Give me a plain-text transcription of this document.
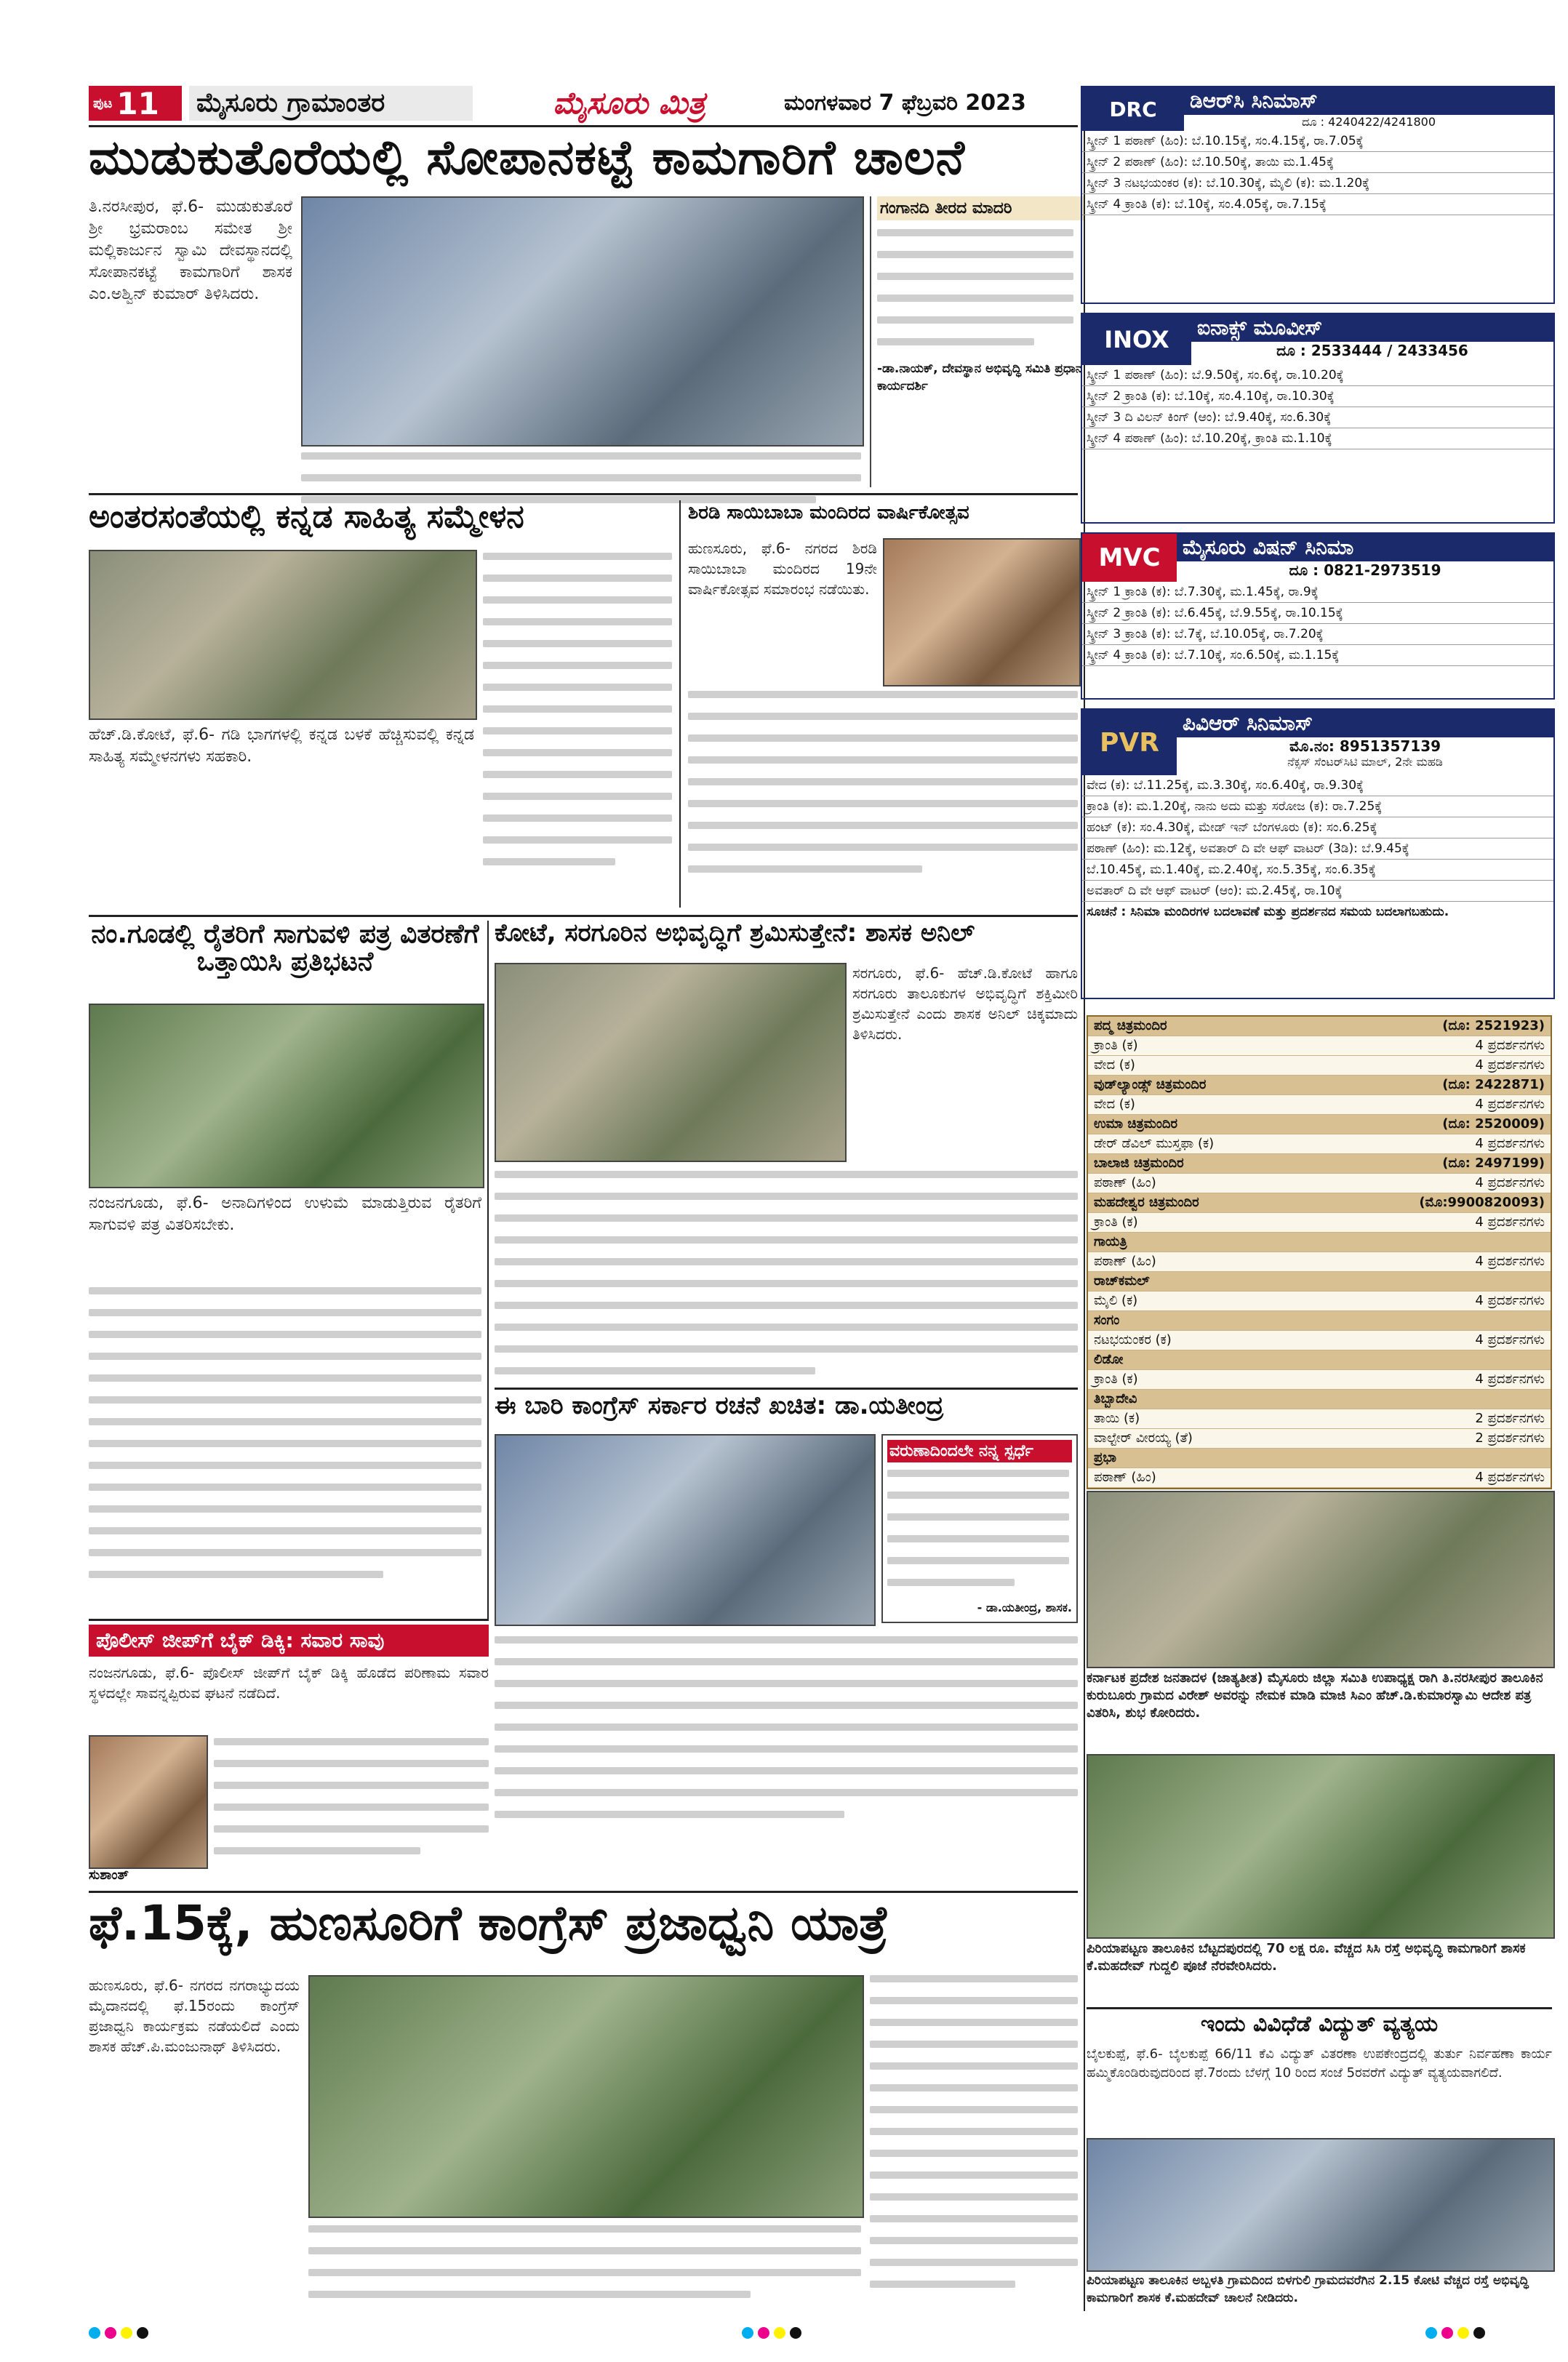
ಪುಟ 11 ಮೈಸೂರು ಗ್ರಾಮಾಂತರ	ಮೈಸೂರು ಮಿತ್ರ	ಮಂಗಳವಾರ 7 ಫೆಬ್ರವರಿ 2023
ಮುಡುಕುತೊರೆಯಲ್ಲಿ ಸೋಪಾನಕಟ್ಟೆ ಕಾಮಗಾರಿಗೆ ಚಾಲನೆ
ತಿ.ನರಸೀಪುರ, ಫೆ.6- ಮುಡುಕುತೊರೆ ಶ್ರೀ ಭ್ರಮರಾಂಬ ಸಮೇತ ಶ್ರೀ ಮಲ್ಲಿಕಾರ್ಜುನ ಸ್ವಾಮಿ ದೇವಸ್ಥಾನದಲ್ಲಿ ಸೋಪಾನಕಟ್ಟೆ ಕಾಮಗಾರಿಗೆ ಶಾಸಕ ಎಂ.ಅಶ್ವಿನ್ ಕುಮಾರ್ ತಿಳಿಸಿದರು.
ಗಂಗಾನದಿ ತೀರದ ಮಾದರಿ
-ಡಾ.ನಾಯಕ್, ದೇವಸ್ಥಾನ ಅಭಿವೃದ್ಧಿ ಸಮಿತಿ ಪ್ರಧಾನ ಕಾರ್ಯದರ್ಶಿ
ಅಂತರಸಂತೆಯಲ್ಲಿ ಕನ್ನಡ ಸಾಹಿತ್ಯ ಸಮ್ಮೇಳನ
ಹೆಚ್.ಡಿ.ಕೋಟೆ, ಫೆ.6- ಗಡಿ ಭಾಗಗಳಲ್ಲಿ ಕನ್ನಡ ಬಳಕೆ ಹೆಚ್ಚಿಸುವಲ್ಲಿ ಕನ್ನಡ ಸಾಹಿತ್ಯ ಸಮ್ಮೇಳನಗಳು ಸಹಕಾರಿ.
ಶಿರಡಿ ಸಾಯಿಬಾಬಾ ಮಂದಿರದ ವಾರ್ಷಿಕೋತ್ಸವ
ಹುಣಸೂರು, ಫೆ.6- ನಗರದ ಶಿರಡಿ ಸಾಯಿಬಾಬಾ ಮಂದಿರದ 19ನೇ ವಾರ್ಷಿಕೋತ್ಸವ ಸಮಾರಂಭ ನಡೆಯಿತು.
ನಂ.ಗೂಡಲ್ಲಿ ರೈತರಿಗೆ ಸಾಗುವಳಿ ಪತ್ರ ವಿತರಣೆಗೆ ಒತ್ತಾಯಿಸಿ ಪ್ರತಿಭಟನೆ
ನಂಜನಗೂಡು, ಫೆ.6- ಅನಾದಿಗಳಿಂದ ಉಳುಮೆ ಮಾಡುತ್ತಿರುವ ರೈತರಿಗೆ ಸಾಗುವಳಿ ಪತ್ರ ವಿತರಿಸಬೇಕು.
ಕೋಟೆ, ಸರಗೂರಿನ ಅಭಿವೃದ್ಧಿಗೆ ಶ್ರಮಿಸುತ್ತೇನೆ: ಶಾಸಕ ಅನಿಲ್
ಸರಗೂರು, ಫೆ.6- ಹೆಚ್.ಡಿ.ಕೋಟೆ ಹಾಗೂ ಸರಗೂರು ತಾಲೂಕುಗಳ ಅಭಿವೃದ್ಧಿಗೆ ಶಕ್ತಿಮೀರಿ ಶ್ರಮಿಸುತ್ತೇನೆ ಎಂದು ಶಾಸಕ ಅನಿಲ್ ಚಿಕ್ಕಮಾದು ತಿಳಿಸಿದರು.
ಈ ಬಾರಿ ಕಾಂಗ್ರೆಸ್ ಸರ್ಕಾರ ರಚನೆ ಖಚಿತ: ಡಾ.ಯತೀಂದ್ರ
ವರುಣಾದಿಂದಲೇ ನನ್ನ ಸ್ಪರ್ಧೆ
- ಡಾ.ಯತೀಂದ್ರ, ಶಾಸಕ.
ಪೊಲೀಸ್ ಜೀಪ್‌ಗೆ ಬೈಕ್ ಡಿಕ್ಕಿ: ಸವಾರ ಸಾವು
ನಂಜನಗೂಡು, ಫೆ.6- ಪೊಲೀಸ್ ಜೀಪ್‌ಗೆ ಬೈಕ್ ಡಿಕ್ಕಿ ಹೊಡೆದ ಪರಿಣಾಮ ಸವಾರ ಸ್ಥಳದಲ್ಲೇ ಸಾವನ್ನಪ್ಪಿರುವ ಘಟನೆ ನಡೆದಿದೆ.
ಸುಶಾಂತ್
ಫೆ.15ಕ್ಕೆ, ಹುಣಸೂರಿಗೆ ಕಾಂಗ್ರೆಸ್ ಪ್ರಜಾಧ್ವನಿ ಯಾತ್ರೆ
ಹುಣಸೂರು, ಫೆ.6- ನಗರದ ನಗರಾಭ್ಯುದಯ ಮೈದಾನದಲ್ಲಿ ಫೆ.15ರಂದು ಕಾಂಗ್ರೆಸ್ ಪ್ರಜಾಧ್ವನಿ ಕಾರ್ಯಕ್ರಮ ನಡೆಯಲಿದೆ ಎಂದು ಶಾಸಕ ಹೆಚ್.ಪಿ.ಮಂಜುನಾಥ್ ತಿಳಿಸಿದರು.
DRC	ಡಿಆರ್‌ಸಿ ಸಿನಿಮಾಸ್
ದೂ : 4240422/4241800
ಸ್ಕ್ರೀನ್ 1 ಪಠಾಣ್ (ಹಿಂ): ಬೆ.10.15ಕ್ಕೆ, ಸಂ.4.15ಕ್ಕೆ, ರಾ.7.05ಕ್ಕೆ
ಸ್ಕ್ರೀನ್ 2 ಪಠಾಣ್ (ಹಿಂ): ಬೆ.10.50ಕ್ಕೆ, ತಾಯಿ ಮ.1.45ಕ್ಕೆ
ಸ್ಕ್ರೀನ್ 3 ನಟಭಯಂಕರ (ಕ): ಬೆ.10.30ಕ್ಕೆ, ಮೈಲಿ (ಕ): ಮ.1.20ಕ್ಕೆ
ಸ್ಕ್ರೀನ್ 4 ಕ್ರಾಂತಿ (ಕ): ಬೆ.10ಕ್ಕೆ, ಸಂ.4.05ಕ್ಕೆ, ರಾ.7.15ಕ್ಕೆ
INOX	ಐನಾಕ್ಸ್ ಮೂವೀಸ್
ದೂ : 2533444 / 2433456
ಸ್ಕ್ರೀನ್ 1 ಪಠಾಣ್ (ಹಿಂ): ಬೆ.9.50ಕ್ಕೆ, ಸಂ.6ಕ್ಕೆ, ರಾ.10.20ಕ್ಕೆ
ಸ್ಕ್ರೀನ್ 2 ಕ್ರಾಂತಿ (ಕ): ಬೆ.10ಕ್ಕೆ, ಸಂ.4.10ಕ್ಕೆ, ರಾ.10.30ಕ್ಕೆ
ಸ್ಕ್ರೀನ್ 3 ದಿ ವಿಲನ್ ಕಿಂಗ್ (ಆಂ): ಬೆ.9.40ಕ್ಕೆ, ಸಂ.6.30ಕ್ಕೆ
ಸ್ಕ್ರೀನ್ 4 ಪಠಾಣ್ (ಹಿಂ): ಬೆ.10.20ಕ್ಕೆ, ಕ್ರಾಂತಿ ಮ.1.10ಕ್ಕೆ
MVC	ಮೈಸೂರು ವಿಷನ್ ಸಿನಿಮಾ
ದೂ : 0821-2973519
ಸ್ಕ್ರೀನ್ 1 ಕ್ರಾಂತಿ (ಕ): ಬೆ.7.30ಕ್ಕೆ, ಮ.1.45ಕ್ಕೆ, ರಾ.9ಕ್ಕೆ
ಸ್ಕ್ರೀನ್ 2 ಕ್ರಾಂತಿ (ಕ): ಬೆ.6.45ಕ್ಕೆ, ಬೆ.9.55ಕ್ಕೆ, ರಾ.10.15ಕ್ಕೆ
ಸ್ಕ್ರೀನ್ 3 ಕ್ರಾಂತಿ (ಕ): ಬೆ.7ಕ್ಕೆ, ಬೆ.10.05ಕ್ಕೆ, ರಾ.7.20ಕ್ಕೆ
ಸ್ಕ್ರೀನ್ 4 ಕ್ರಾಂತಿ (ಕ): ಬೆ.7.10ಕ್ಕೆ, ಸಂ.6.50ಕ್ಕೆ, ಮ.1.15ಕ್ಕೆ
PVR
ಪಿವಿಆರ್ ಸಿನಿಮಾಸ್
ಮೊ.ನಂ: 8951357139
ನೆಕ್ಸಸ್ ಸೆಂಟರ್‌ಸಿಟಿ ಮಾಲ್, 2ನೇ ಮಹಡಿ
ವೇದ (ಕ): ಬೆ.11.25ಕ್ಕೆ, ಮ.3.30ಕ್ಕೆ, ಸಂ.6.40ಕ್ಕೆ, ರಾ.9.30ಕ್ಕೆ
ಕ್ರಾಂತಿ (ಕ): ಮ.1.20ಕ್ಕೆ, ನಾನು ಅದು ಮತ್ತು ಸರೋಜ (ಕ): ರಾ.7.25ಕ್ಕೆ
ಹಂಟ್ (ಕ): ಸಂ.4.30ಕ್ಕೆ, ಮೇಡ್ ಇನ್ ಬೆಂಗಳೂರು (ಕ): ಸಂ.6.25ಕ್ಕೆ
ಪಠಾಣ್ (ಹಿಂ): ಮ.12ಕ್ಕೆ, ಅವತಾರ್ ದಿ ವೇ ಆಫ್ ವಾಟರ್ (3ಡಿ): ಬೆ.9.45ಕ್ಕೆ
ಬೆ.10.45ಕ್ಕೆ, ಮ.1.40ಕ್ಕೆ, ಮ.2.40ಕ್ಕೆ, ಸಂ.5.35ಕ್ಕೆ, ಸಂ.6.35ಕ್ಕೆ
ಅವತಾರ್ ದಿ ವೇ ಆಫ್ ವಾಟರ್ (ಆಂ): ಮ.2.45ಕ್ಕೆ, ರಾ.10ಕ್ಕೆ
ಸೂಚನೆ : ಸಿನಿಮಾ ಮಂದಿರಗಳ ಬದಲಾವಣೆ ಮತ್ತು ಪ್ರದರ್ಶನದ ಸಮಯ ಬದಲಾಗಬಹುದು.
ಪದ್ಮ ಚಿತ್ರಮಂದಿರ	(ದೂ: 2521923)
ಕ್ರಾಂತಿ (ಕ)	4 ಪ್ರದರ್ಶನಗಳು
ವೇದ (ಕ)	4 ಪ್ರದರ್ಶನಗಳು
ವುಡ್‌ಲ್ಯಾಂಡ್ಸ್ ಚಿತ್ರಮಂದಿರ	(ದೂ: 2422871)
ವೇದ (ಕ)	4 ಪ್ರದರ್ಶನಗಳು
ಉಮಾ ಚಿತ್ರಮಂದಿರ	(ದೂ: 2520009)
ಡೇರ್ ಡೆವಿಲ್ ಮುಸ್ತಫಾ (ಕ)	4 ಪ್ರದರ್ಶನಗಳು
ಬಾಲಾಜಿ ಚಿತ್ರಮಂದಿರ	(ದೂ: 2497199)
ಪಠಾಣ್ (ಹಿಂ)	4 ಪ್ರದರ್ಶನಗಳು
ಮಹದೇಶ್ವರ ಚಿತ್ರಮಂದಿರ	(ಮೊ:9900820093)
ಕ್ರಾಂತಿ (ಕ)	4 ಪ್ರದರ್ಶನಗಳು
ಗಾಯತ್ರಿ
ಪಠಾಣ್ (ಹಿಂ)	4 ಪ್ರದರ್ಶನಗಳು
ರಾಚ್‌ಕಮಲ್
ಮೈಲಿ (ಕ)	4 ಪ್ರದರ್ಶನಗಳು
ಸಂಗಂ
ನಟಭಯಂಕರ (ಕ)	4 ಪ್ರದರ್ಶನಗಳು
ಲಿಡೋ
ಕ್ರಾಂತಿ (ಕ)	4 ಪ್ರದರ್ಶನಗಳು
ತಿಬ್ಬಾದೇವಿ
ತಾಯಿ (ಕ)	2 ಪ್ರದರ್ಶನಗಳು
ವಾಲ್ಟೇರ್ ವೀರಯ್ಯ (ತೆ)	2 ಪ್ರದರ್ಶನಗಳು
ಪ್ರಭಾ
ಪಠಾಣ್ (ಹಿಂ)	4 ಪ್ರದರ್ಶನಗಳು
ಕರ್ನಾಟಕ ಪ್ರದೇಶ ಜನತಾದಳ (ಜಾತ್ಯತೀತ) ಮೈಸೂರು ಜಿಲ್ಲಾ ಸಮಿತಿ ಉಪಾಧ್ಯಕ್ಷ ರಾಗಿ ತಿ.ನರಸೀಪುರ ತಾಲೂಕಿನ ಕುರುಬೂರು ಗ್ರಾಮದ ವಿರೇಶ್ ಅವರನ್ನು ನೇಮಕ ಮಾಡಿ ಮಾಜಿ ಸಿಎಂ ಹೆಚ್.ಡಿ.ಕುಮಾರಸ್ವಾಮಿ ಆದೇಶ ಪತ್ರ ವಿತರಿಸಿ, ಶುಭ ಕೋರಿದರು.
ಪಿರಿಯಾಪಟ್ಟಣ ತಾಲೂಕಿನ ಬೆಟ್ಟದಪುರದಲ್ಲಿ 70 ಲಕ್ಷ ರೂ. ವೆಚ್ಚದ ಸಿಸಿ ರಸ್ತೆ ಅಭಿವೃದ್ಧಿ ಕಾಮಗಾರಿಗೆ ಶಾಸಕ ಕೆ.ಮಹದೇವ್ ಗುದ್ದಲಿ ಪೂಜೆ ನೆರವೇರಿಸಿದರು.
ಇಂದು ವಿವಿಧೆಡೆ ವಿದ್ಯುತ್ ವ್ಯತ್ಯಯ
ಬೈಲಕುಪ್ಪೆ, ಫೆ.6- ಬೈಲಕುಪ್ಪೆ 66/11 ಕೆವಿ ವಿದ್ಯುತ್ ವಿತರಣಾ ಉಪಕೇಂದ್ರದಲ್ಲಿ ತುರ್ತು ನಿರ್ವಹಣಾ ಕಾರ್ಯ ಹಮ್ಮಿಕೊಂಡಿರುವುದರಿಂದ ಫೆ.7ರಂದು ಬೆಳಗ್ಗೆ 10 ರಿಂದ ಸಂಜೆ 5ರವರೆಗೆ ವಿದ್ಯುತ್ ವ್ಯತ್ಯಯವಾಗಲಿದೆ.
ಪಿರಿಯಾಪಟ್ಟಣ ತಾಲೂಕಿನ ಅಬ್ಬಳತಿ ಗ್ರಾಮದಿಂದ ಬಿಳಗುಲಿ ಗ್ರಾಮದವರೆಗಿನ 2.15 ಕೋಟಿ ವೆಚ್ಚದ ರಸ್ತೆ ಅಭಿವೃದ್ಧಿ ಕಾಮಗಾರಿಗೆ ಶಾಸಕ ಕೆ.ಮಹದೇವ್ ಚಾಲನೆ ನೀಡಿದರು.
